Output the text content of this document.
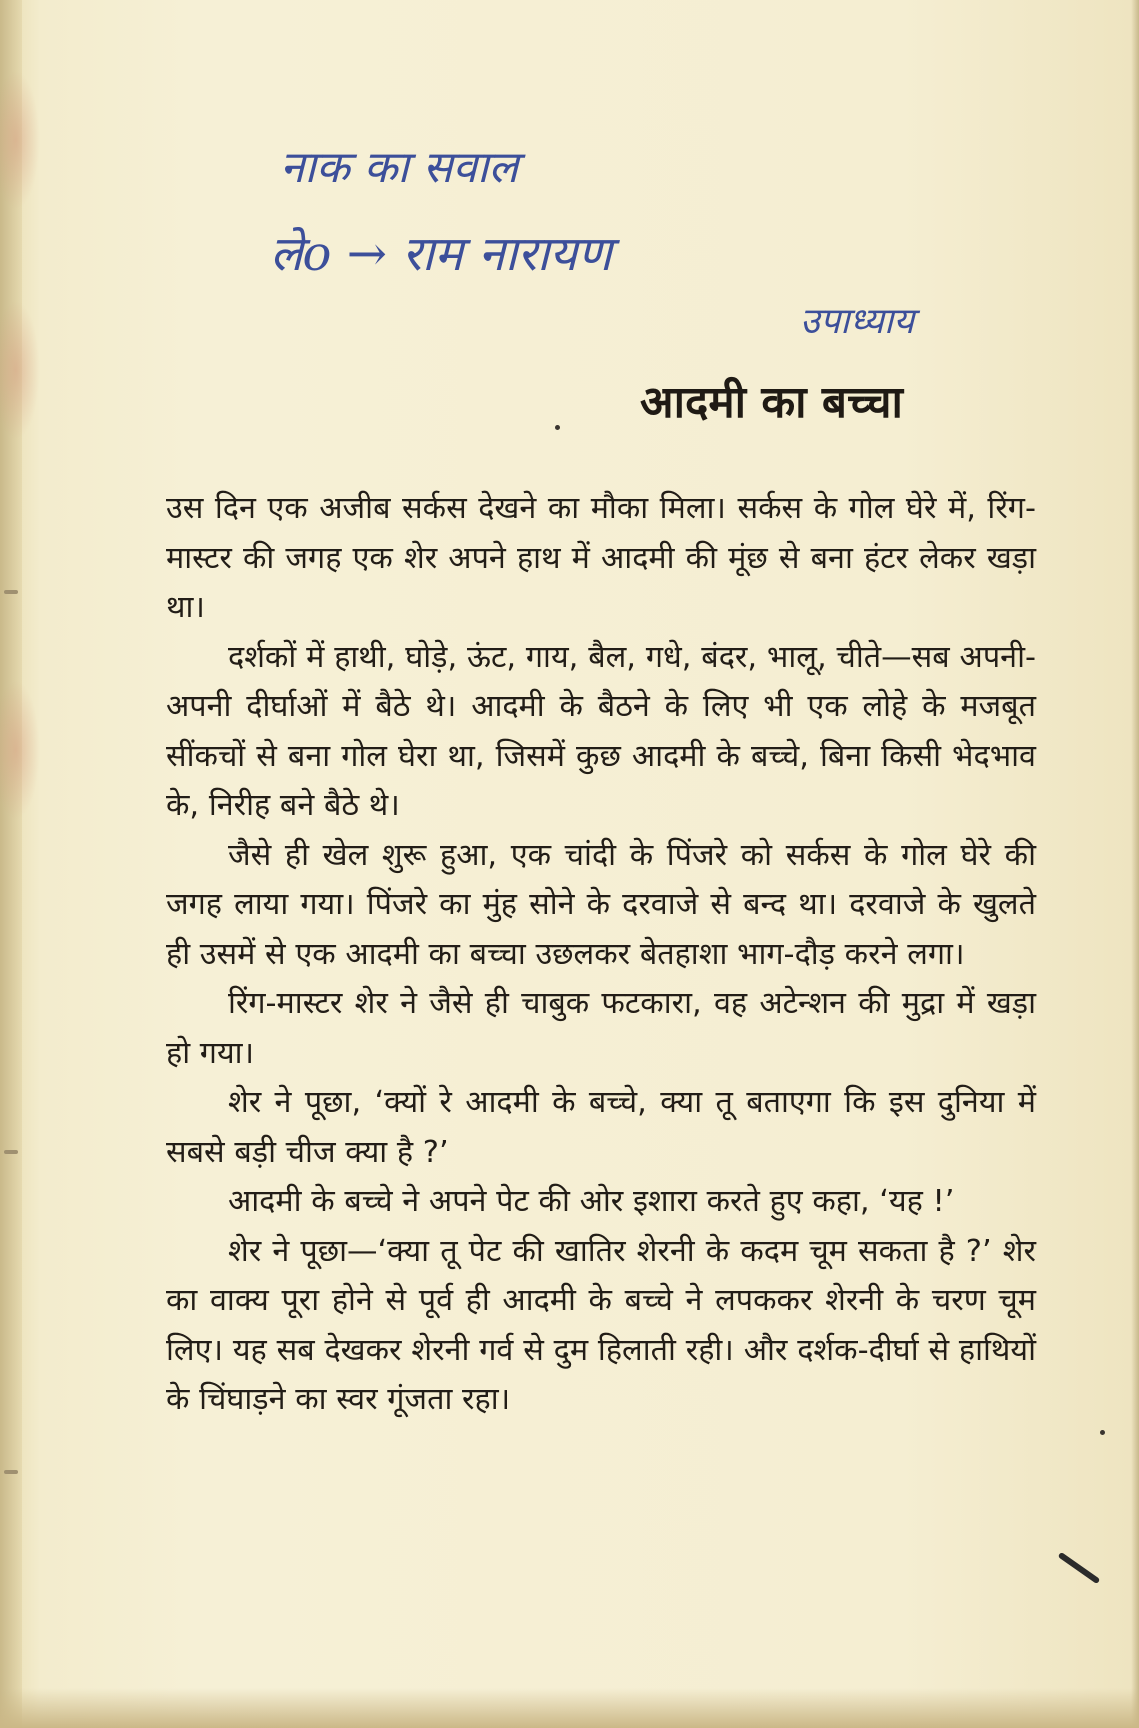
नाक का सवाल
लेo → राम नारायण
उपाध्याय
आदमी का बच्चा

उस दिन एक अजीब सर्कस देखने का मौका मिला। सर्कस के गोल घेरे में, रिंग-मास्टर की जगह एक शेर अपने हाथ में आदमी की मूंछ से बना हंटर लेकर खड़ा था।

दर्शकों में हाथी, घोड़े, ऊंट, गाय, बैल, गधे, बंदर, भालू, चीते—सब अपनी-अपनी दीर्घाओं में बैठे थे। आदमी के बैठने के लिए भी एक लोहे के मजबूत सींकचों से बना गोल घेरा था, जिसमें कुछ आदमी के बच्चे, बिना किसी भेदभाव के, निरीह बने बैठे थे।

जैसे ही खेल शुरू हुआ, एक चांदी के पिंजरे को सर्कस के गोल घेरे की जगह लाया गया। पिंजरे का मुंह सोने के दरवाजे से बन्द था। दरवाजे के खुलते ही उसमें से एक आदमी का बच्चा उछलकर बेतहाशा भाग-दौड़ करने लगा।

रिंग-मास्टर शेर ने जैसे ही चाबुक फटकारा, वह अटेन्शन की मुद्रा में खड़ा हो गया।

शेर ने पूछा, ‘क्यों रे आदमी के बच्चे, क्या तू बताएगा कि इस दुनिया में सबसे बड़ी चीज क्या है ?’

आदमी के बच्चे ने अपने पेट की ओर इशारा करते हुए कहा, ‘यह !’

शेर ने पूछा—‘क्या तू पेट की खातिर शेरनी के कदम चूम सकता है ?’ शेर का वाक्य पूरा होने से पूर्व ही आदमी के बच्चे ने लपककर शेरनी के चरण चूम लिए। यह सब देखकर शेरनी गर्व से दुम हिलाती रही। और दर्शक-दीर्घा से हाथियों के चिंघाड़ने का स्वर गूंजता रहा।
